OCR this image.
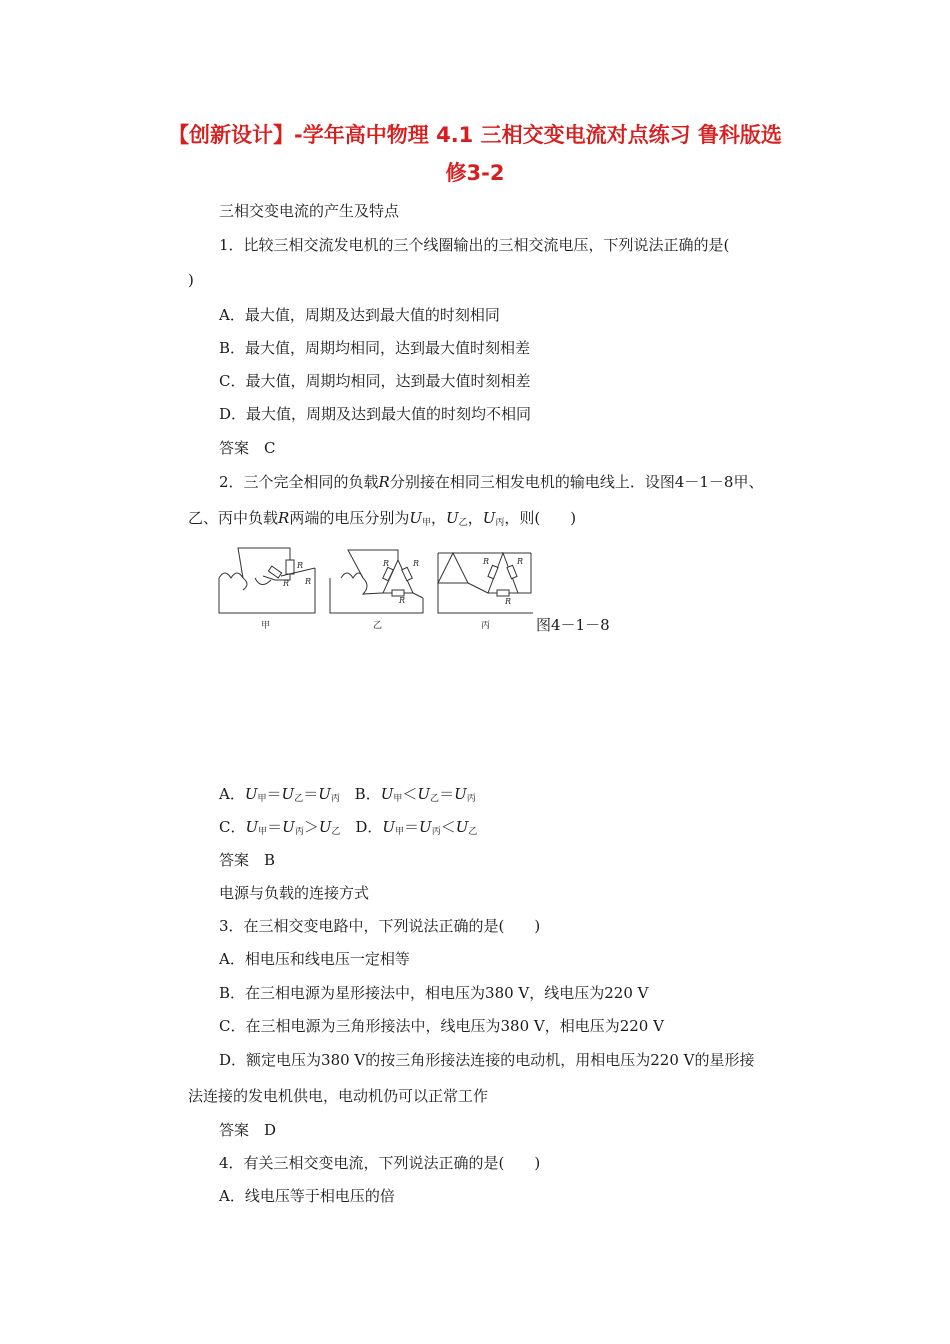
【创新设计】-学年高中物理 4.1 三相交变电流对点练习 鲁科版选
修3-2
三相交变电流的产生及特点
1．比较三相交流发电机的三个线圈输出的三相交流电压，下列说法正确的是(
)
A．最大值，周期及达到最大值的时刻相同
B．最大值，周期均相同，达到最大值时刻相差
C．最大值，周期均相同，达到最大值时刻相差
D．最大值，周期及达到最大值的时刻均不相同
答案　C
2．三个完全相同的负载R分别接在相同三相发电机的输电线上．设图4－1－8甲、
乙、丙中负载R两端的电压分别为$U_甲$，$U_乙$，$U_丙$，则(　　)
R
R
R
R	R
R
R	R
R
甲	乙	丙	图4－1－8
A．$U_甲=U_乙=U_丙$ B．$U_甲<U_乙=U_丙$
C．$U_甲=U_丙>U_乙$ D．$U_甲=U_丙<U_乙$
答案　B
电源与负载的连接方式
3．在三相交变电路中，下列说法正确的是(　　)
A．相电压和线电压一定相等
B．在三相电源为星形接法中，相电压为380 V，线电压为220 V
C．在三相电源为三角形接法中，线电压为380 V，相电压为220 V
D．额定电压为380 V的按三角形接法连接的电动机，用相电压为220 V的星形接
法连接的发电机供电，电动机仍可以正常工作
答案　D
4．有关三相交变电流，下列说法正确的是(　　)
A．线电压等于相电压的倍
